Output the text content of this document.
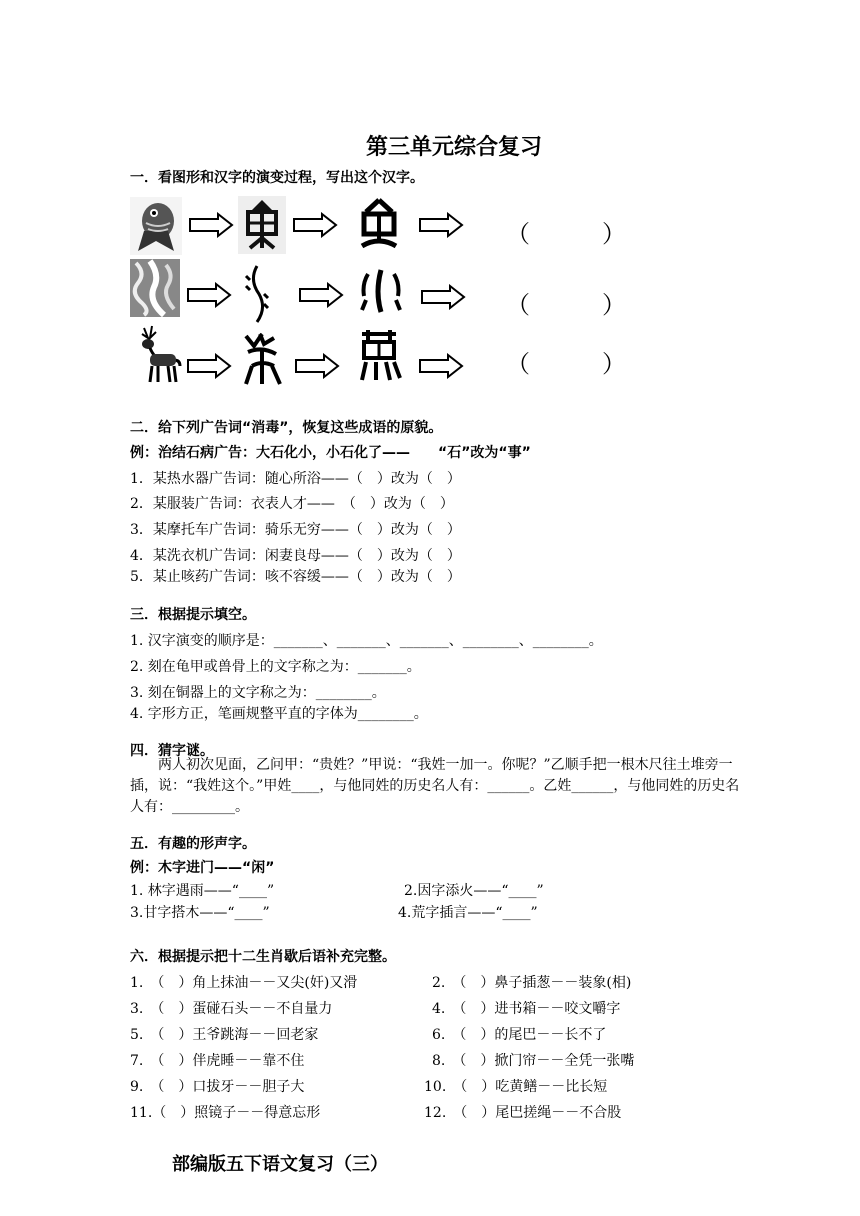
第三单元综合复习
一．看图形和汉字的演变过程，写出这个汉字。
（　　　）
（　　　）
（　　　）
二．给下列广告词“消毒”，恢复这些成语的原貌。
例：治结石病广告：大石化小，小石化了——　　“石”改为“事”
1．某热水器广告词：随心所浴——（　）改为（　）
2．某服装广告词：衣表人才——　（　）改为（　）
3．某摩托车广告词：骑乐无穷——（　）改为（　）
4．某洗衣机广告词：闲妻良母——（　）改为（　）
5．某止咳药广告词：咳不容缓——（　）改为（　）
三．根据提示填空。
1. 汉字演变的顺序是：_______、_______、_______、________、________。
2. 刻在龟甲或兽骨上的文字称之为：_______。
3. 刻在铜器上的文字称之为：________。
4. 字形方正，笔画规整平直的字体为________。
四．猜字谜。
两人初次见面，乙问甲：“贵姓？”甲说：“我姓一加一。你呢？”乙顺手把一根木尺往土堆旁一插，说：“我姓这个。”甲姓____，与他同姓的历史名人有：______。乙姓______，与他同姓的历史名人有：_________。
五．有趣的形声字。
例：木字进门——“闲”
1. 林字遇雨——“____”	2.因字添火——“____”
3.甘字搭木——“____”	4.荒字插言——“____”
六．根据提示把十二生肖歇后语补充完整。
1.　（　）角上抹油－－又尖(奸)又滑	2.　（　）鼻子插葱－－装象(相)
3.　（　）蛋碰石头－－不自量力	4.　（　）进书箱－－咬文嚼字
5.　（　）王爷跳海－－回老家	6.　（　）的尾巴－－长不了
7.　（　）伴虎睡－－靠不住	8.　（　）掀门帘－－全凭一张嘴
9.　（　）口拔牙－－胆子大	10.　（　）吃黄鳝－－比长短
11.（　）照镜子－－得意忘形	12.　（　）尾巴搓绳－－不合股
部编版五下语文复习（三）
